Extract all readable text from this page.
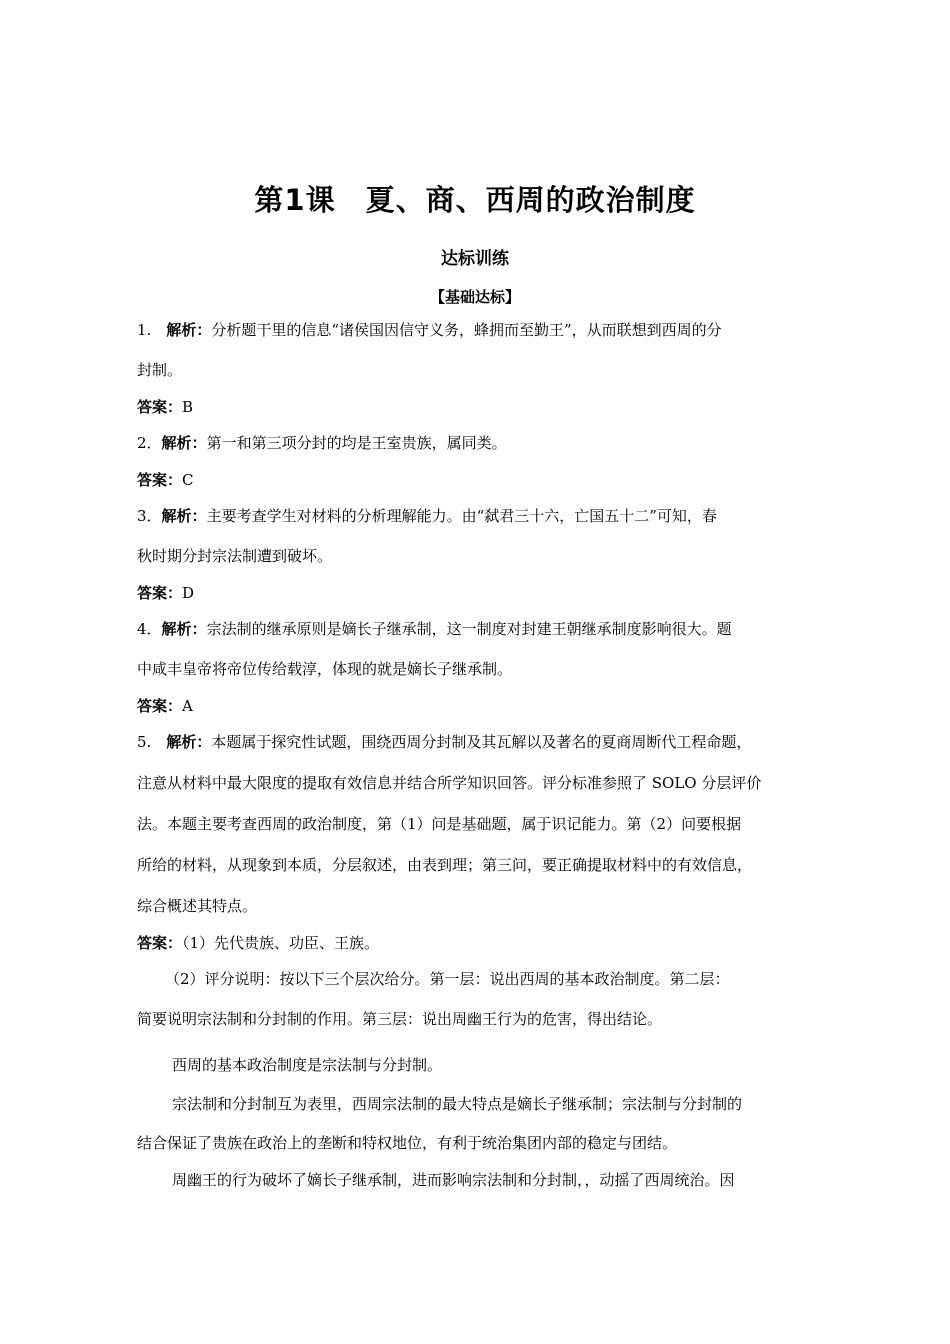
第1课　夏、商、西周的政治制度
达标训练
【基础达标】
1.　解析：分析题干里的信息“诸侯国因信守义务，蜂拥而至勤王”，从而联想到西周的分
封制。
答案：B
2．解析：第一和第三项分封的均是王室贵族，属同类。
答案：C
3．解析：主要考查学生对材料的分析理解能力。由“弑君三十六，亡国五十二”可知，春
秋时期分封宗法制遭到破坏。
答案：D
4．解析：宗法制的继承原则是嫡长子继承制，这一制度对封建王朝继承制度影响很大。题
中咸丰皇帝将帝位传给载淳，体现的就是嫡长子继承制。
答案：A
5.　解析：本题属于探究性试题，围绕西周分封制及其瓦解以及著名的夏商周断代工程命题，
注意从材料中最大限度的提取有效信息并结合所学知识回答。评分标准参照了 SOLO 分层评价
法。本题主要考查西周的政治制度，第（1）问是基础题，属于识记能力。第（2）问要根据
所给的材料，从现象到本质，分层叙述，由表到理；第三问，要正确提取材料中的有效信息，
综合概述其特点。
答案：（1）先代贵族、功臣、王族。
（2）评分说明：按以下三个层次给分。第一层：说出西周的基本政治制度。第二层：
简要说明宗法制和分封制的作用。第三层：说出周幽王行为的危害，得出结论。
西周的基本政治制度是宗法制与分封制。
宗法制和分封制互为表里，西周宗法制的最大特点是嫡长子继承制；宗法制与分封制的
结合保证了贵族在政治上的垄断和特权地位，有利于统治集团内部的稳定与团结。
周幽王的行为破坏了嫡长子继承制，进而影响宗法制和分封制，，动摇了西周统治。因
